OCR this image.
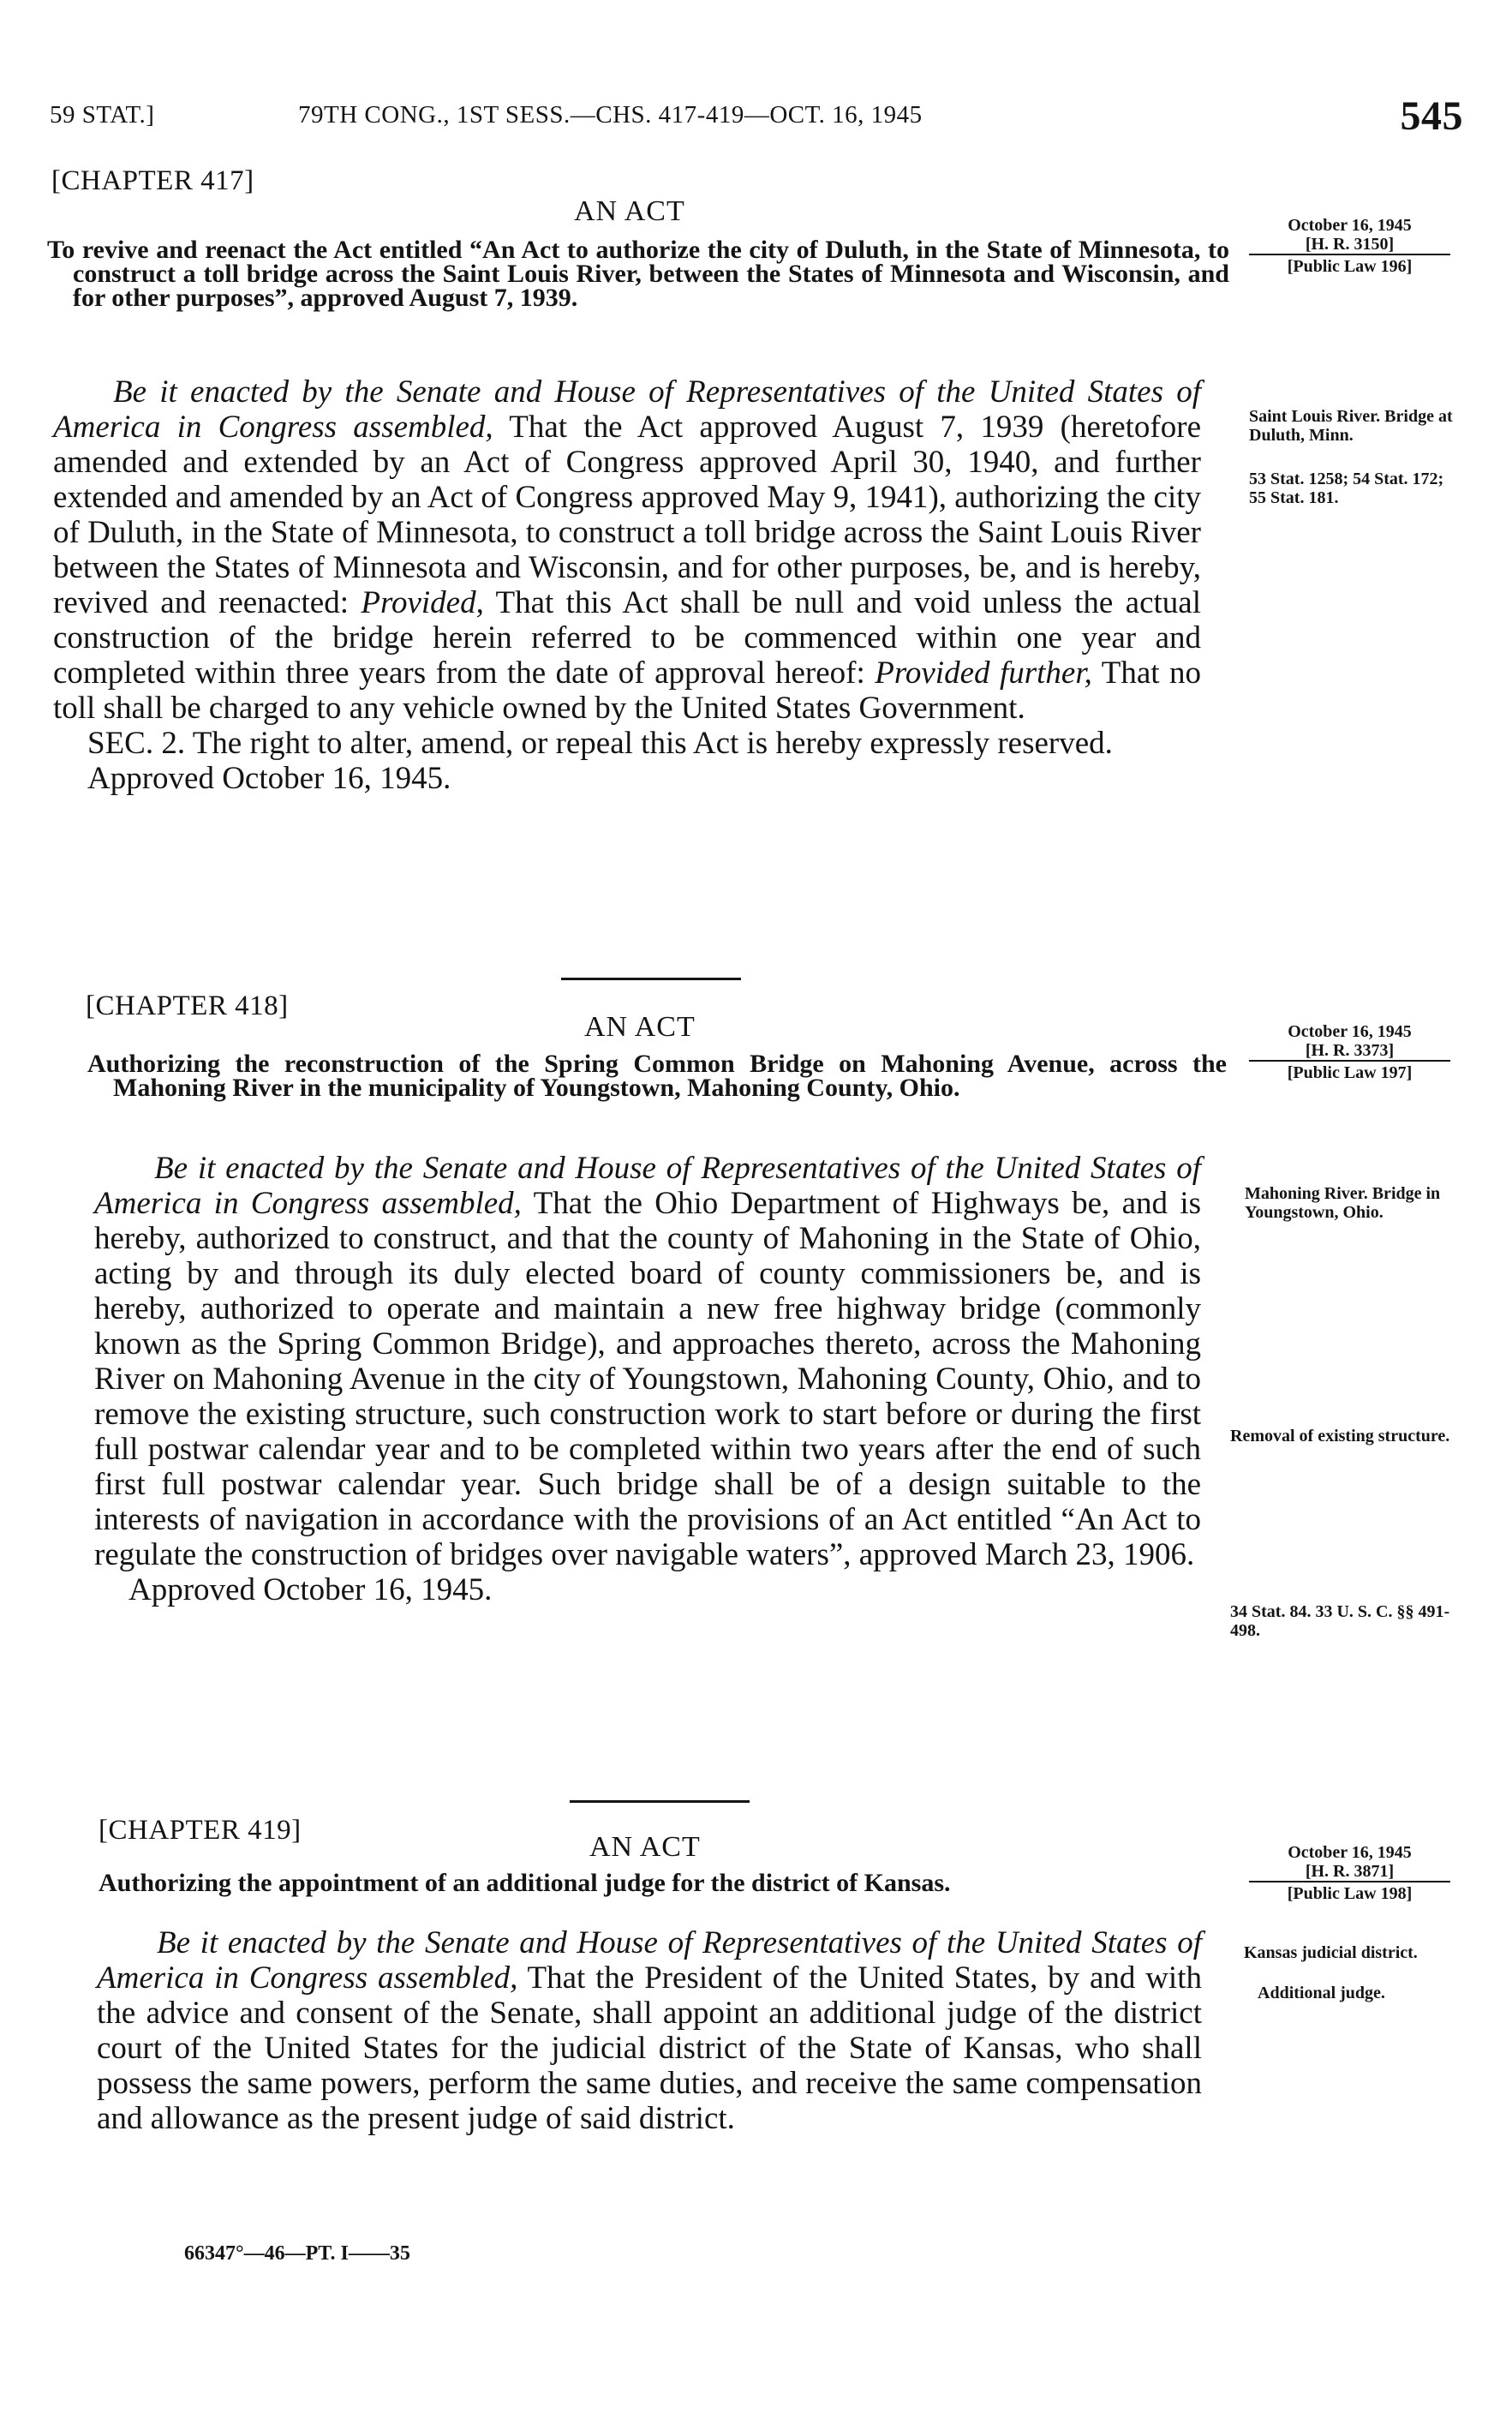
59 STAT.]	79TH CONG., 1ST SESS.—CHS. 417-419—OCT. 16, 1945	545
[CHAPTER 417]
AN ACT
To revive and reenact the Act entitled “An Act to authorize the city of Duluth, in the State of Minnesota, to construct a toll bridge across the Saint Louis River, between the States of Minnesota and Wisconsin, and for other purposes”, approved August 7, 1939.
October 16, 1945
[H. R. 3150]
[Public Law 196]

Be it enacted by the Senate and House of Representatives of the United States of America in Congress assembled, That the Act approved August 7, 1939 (heretofore amended and extended by an Act of Congress approved April 30, 1940, and further extended and amended by an Act of Congress approved May 9, 1941), authorizing the city of Duluth, in the State of Minnesota, to construct a toll bridge across the Saint Louis River between the States of Minnesota and Wisconsin, and for other purposes, be, and is hereby, revived and reenacted: Provided, That this Act shall be null and void unless the actual construction of the bridge herein referred to be commenced within one year and completed within three years from the date of approval hereof: Provided further, That no toll shall be charged to any vehicle owned by the United States Government.

SEC. 2. The right to alter, amend, or repeal this Act is hereby expressly reserved.

Approved October 16, 1945.

Saint Louis River. Bridge at Duluth, Minn.
53 Stat. 1258; 54 Stat. 172; 55 Stat. 181.
[CHAPTER 418]
AN ACT
Authorizing the reconstruction of the Spring Common Bridge on Mahoning Avenue, across the Mahoning River in the municipality of Youngstown, Mahoning County, Ohio.
October 16, 1945
[H. R. 3373]
[Public Law 197]

Be it enacted by the Senate and House of Representatives of the United States of America in Congress assembled, That the Ohio Department of Highways be, and is hereby, authorized to construct, and that the county of Mahoning in the State of Ohio, acting by and through its duly elected board of county commissioners be, and is hereby, authorized to operate and maintain a new free highway bridge (commonly known as the Spring Common Bridge), and approaches thereto, across the Mahoning River on Mahoning Avenue in the city of Youngstown, Mahoning County, Ohio, and to remove the existing structure, such construction work to start before or during the first full postwar calendar year and to be completed within two years after the end of such first full postwar calendar year. Such bridge shall be of a design suitable to the interests of navigation in accordance with the provisions of an Act entitled “An Act to regulate the construction of bridges over navigable waters”, approved March 23, 1906.

Approved October 16, 1945.

Mahoning River. Bridge in Youngstown, Ohio.
Removal of existing structure.
34 Stat. 84. 33 U. S. C. §§ 491-498.
[CHAPTER 419]
AN ACT
Authorizing the appointment of an additional judge for the district of Kansas.
October 16, 1945
[H. R. 3871]
[Public Law 198]

Be it enacted by the Senate and House of Representatives of the United States of America in Congress assembled, That the President of the United States, by and with the advice and consent of the Senate, shall appoint an additional judge of the district court of the United States for the judicial district of the State of Kansas, who shall possess the same powers, perform the same duties, and receive the same compensation and allowance as the present judge of said district.

Kansas judicial district.
Additional judge.
66347°—46—PT. I——35
